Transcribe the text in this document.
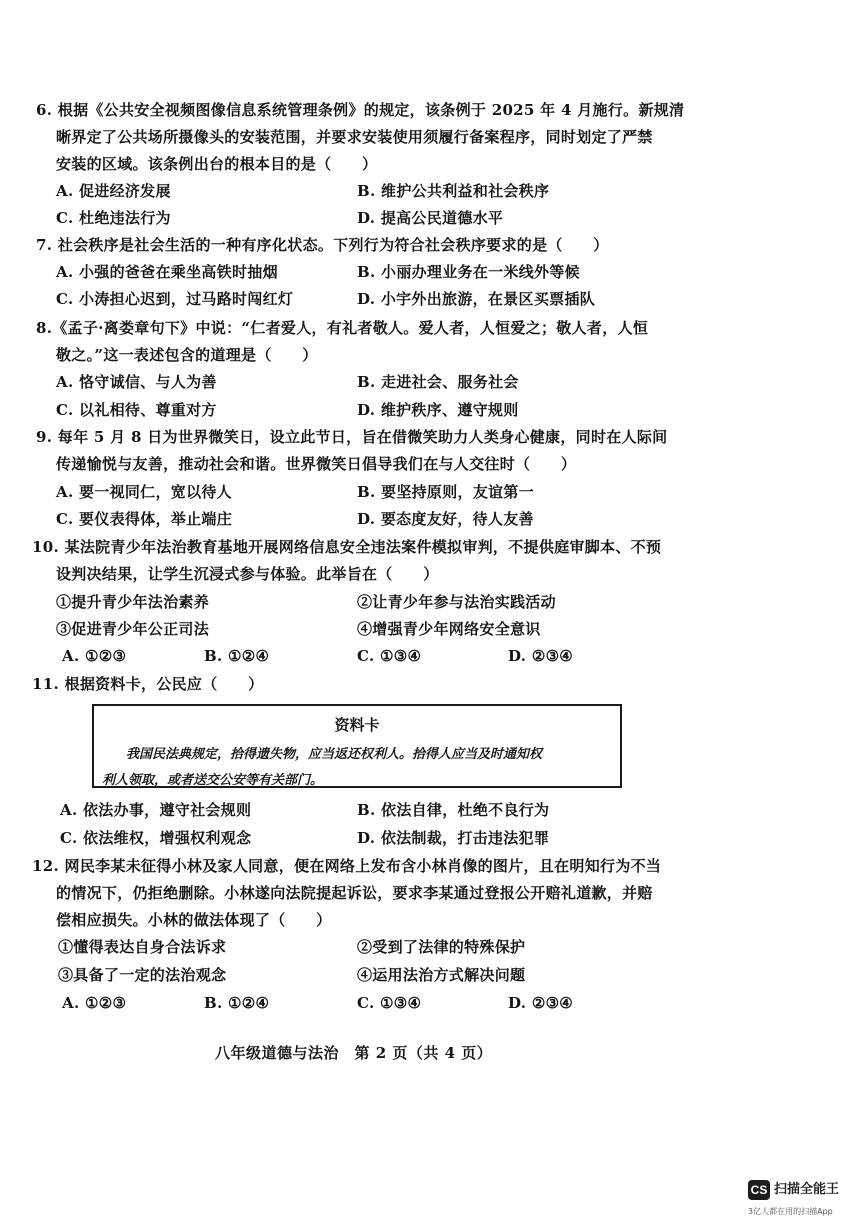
6. 根据《公共安全视频图像信息系统管理条例》的规定，该条例于 2025 年 4 月施行。新规清
晰界定了公共场所摄像头的安装范围，并要求安装使用须履行备案程序，同时划定了严禁
安装的区域。该条例出台的根本目的是（　　）
A. 促进经济发展	B. 维护公共利益和社会秩序
C. 杜绝违法行为	D. 提高公民道德水平
7. 社会秩序是社会生活的一种有序化状态。下列行为符合社会秩序要求的是（　　）
A. 小强的爸爸在乘坐高铁时抽烟	B. 小丽办理业务在一米线外等候
C. 小涛担心迟到，过马路时闯红灯	D. 小宇外出旅游，在景区买票插队
8.《孟子·离娄章句下》中说：“仁者爱人，有礼者敬人。爱人者，人恒爱之；敬人者，人恒
敬之。”这一表述包含的道理是（　　）
A. 恪守诚信、与人为善	B. 走进社会、服务社会
C. 以礼相待、尊重对方	D. 维护秩序、遵守规则
9. 每年 5 月 8 日为世界微笑日，设立此节日，旨在借微笑助力人类身心健康，同时在人际间
传递愉悦与友善，推动社会和谐。世界微笑日倡导我们在与人交往时（　　）
A. 要一视同仁，宽以待人	B. 要坚持原则，友谊第一
C. 要仪表得体，举止端庄	D. 要态度友好，待人友善
10. 某法院青少年法治教育基地开展网络信息安全违法案件模拟审判，不提供庭审脚本、不预
设判决结果，让学生沉浸式参与体验。此举旨在（　　）
①提升青少年法治素养	②让青少年参与法治实践活动
③促进青少年公正司法	④增强青少年网络安全意识
A. ①②③	B. ①②④	C. ①③④	D. ②③④
11. 根据资料卡，公民应（　　）
资料卡
我国民法典规定，拾得遗失物，应当返还权利人。拾得人应当及时通知权
利人领取，或者送交公安等有关部门。
A. 依法办事，遵守社会规则	B. 依法自律，杜绝不良行为
C. 依法维权，增强权利观念	D. 依法制裁，打击违法犯罪
12. 网民李某未征得小林及家人同意，便在网络上发布含小林肖像的图片，且在明知行为不当
的情况下，仍拒绝删除。小林遂向法院提起诉讼，要求李某通过登报公开赔礼道歉，并赔
偿相应损失。小林的做法体现了（　　）
①懂得表达自身合法诉求	②受到了法律的特殊保护
③具备了一定的法治观念	④运用法治方式解决问题
A. ①②③	B. ①②④	C. ①③④	D. ②③④
八年级道德与法治　第 2 页（共 4 页）
CS 扫描全能王
3亿人都在用的扫描App
